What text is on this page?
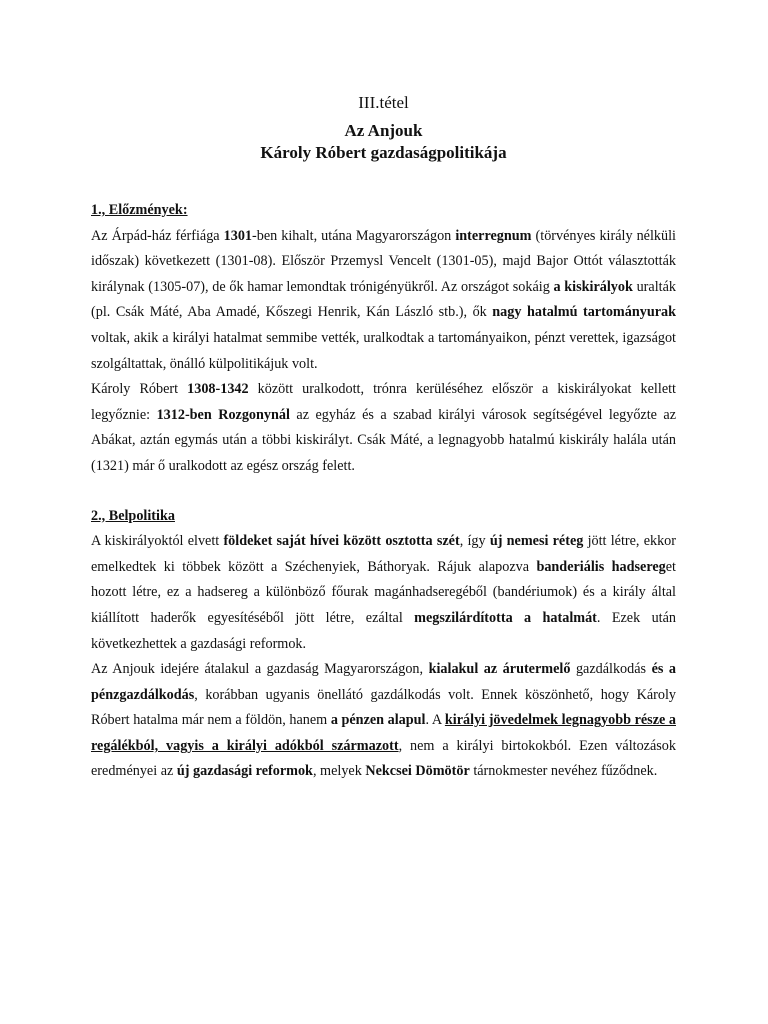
III.tétel
Az Anjouk
Károly Róbert gazdaságpolitikája
1., Előzmények:

Az Árpád-ház férfiága 1301-ben kihalt, utána Magyarországon interregnum (törvényes király nélküli időszak) következett (1301-08). Először Przemysl Vencelt (1301-05), majd Bajor Ottót választották királynak (1305-07), de ők hamar lemondtak trónigényükről. Az országot sokáig a kiskirályok uralták (pl. Csák Máté, Aba Amadé, Kőszegi Henrik, Kán László stb.), ők nagy hatalmú tartományurak voltak, akik a királyi hatalmat semmibe vették, uralkodtak a tartományaikon, pénzt verettek, igazságot szolgáltattak, önálló külpolitikájuk volt.

Károly Róbert 1308-1342 között uralkodott, trónra kerüléséhez először a kiskirályokat kellett legyőznie: 1312-ben Rozgonynál az egyház és a szabad királyi városok segítségével legyőzte az Abákat, aztán egymás után a többi kiskirályt. Csák Máté, a legnagyobb hatalmú kiskirály halála után (1321) már ő uralkodott az egész ország felett.

2., Belpolitika

A kiskirályoktól elvett földeket saját hívei között osztotta szét, így új nemesi réteg jött létre, ekkor emelkedtek ki többek között a Széchenyiek, Báthoryak. Rájuk alapozva banderiális hadsereget hozott létre, ez a hadsereg a különböző főurak magánhadseregéből (bandériumok) és a király által kiállított haderők egyesítéséből jött létre, ezáltal megszilárdította a hatalmát. Ezek után következhettek a gazdasági reformok.

Az Anjouk idejére átalakul a gazdaság Magyarországon, kialakul az árutermelő gazdálkodás és a pénzgazdálkodás, korábban ugyanis önellátó gazdálkodás volt. Ennek köszönhető, hogy Károly Róbert hatalma már nem a földön, hanem a pénzen alapul. A királyi jövedelmek legnagyobb része a regálékból, vagyis a királyi adókból származott, nem a királyi birtokokból. Ezen változások eredményei az új gazdasági reformok, melyek Nekcsei Dömötör tárnokmester nevéhez fűződnek.
